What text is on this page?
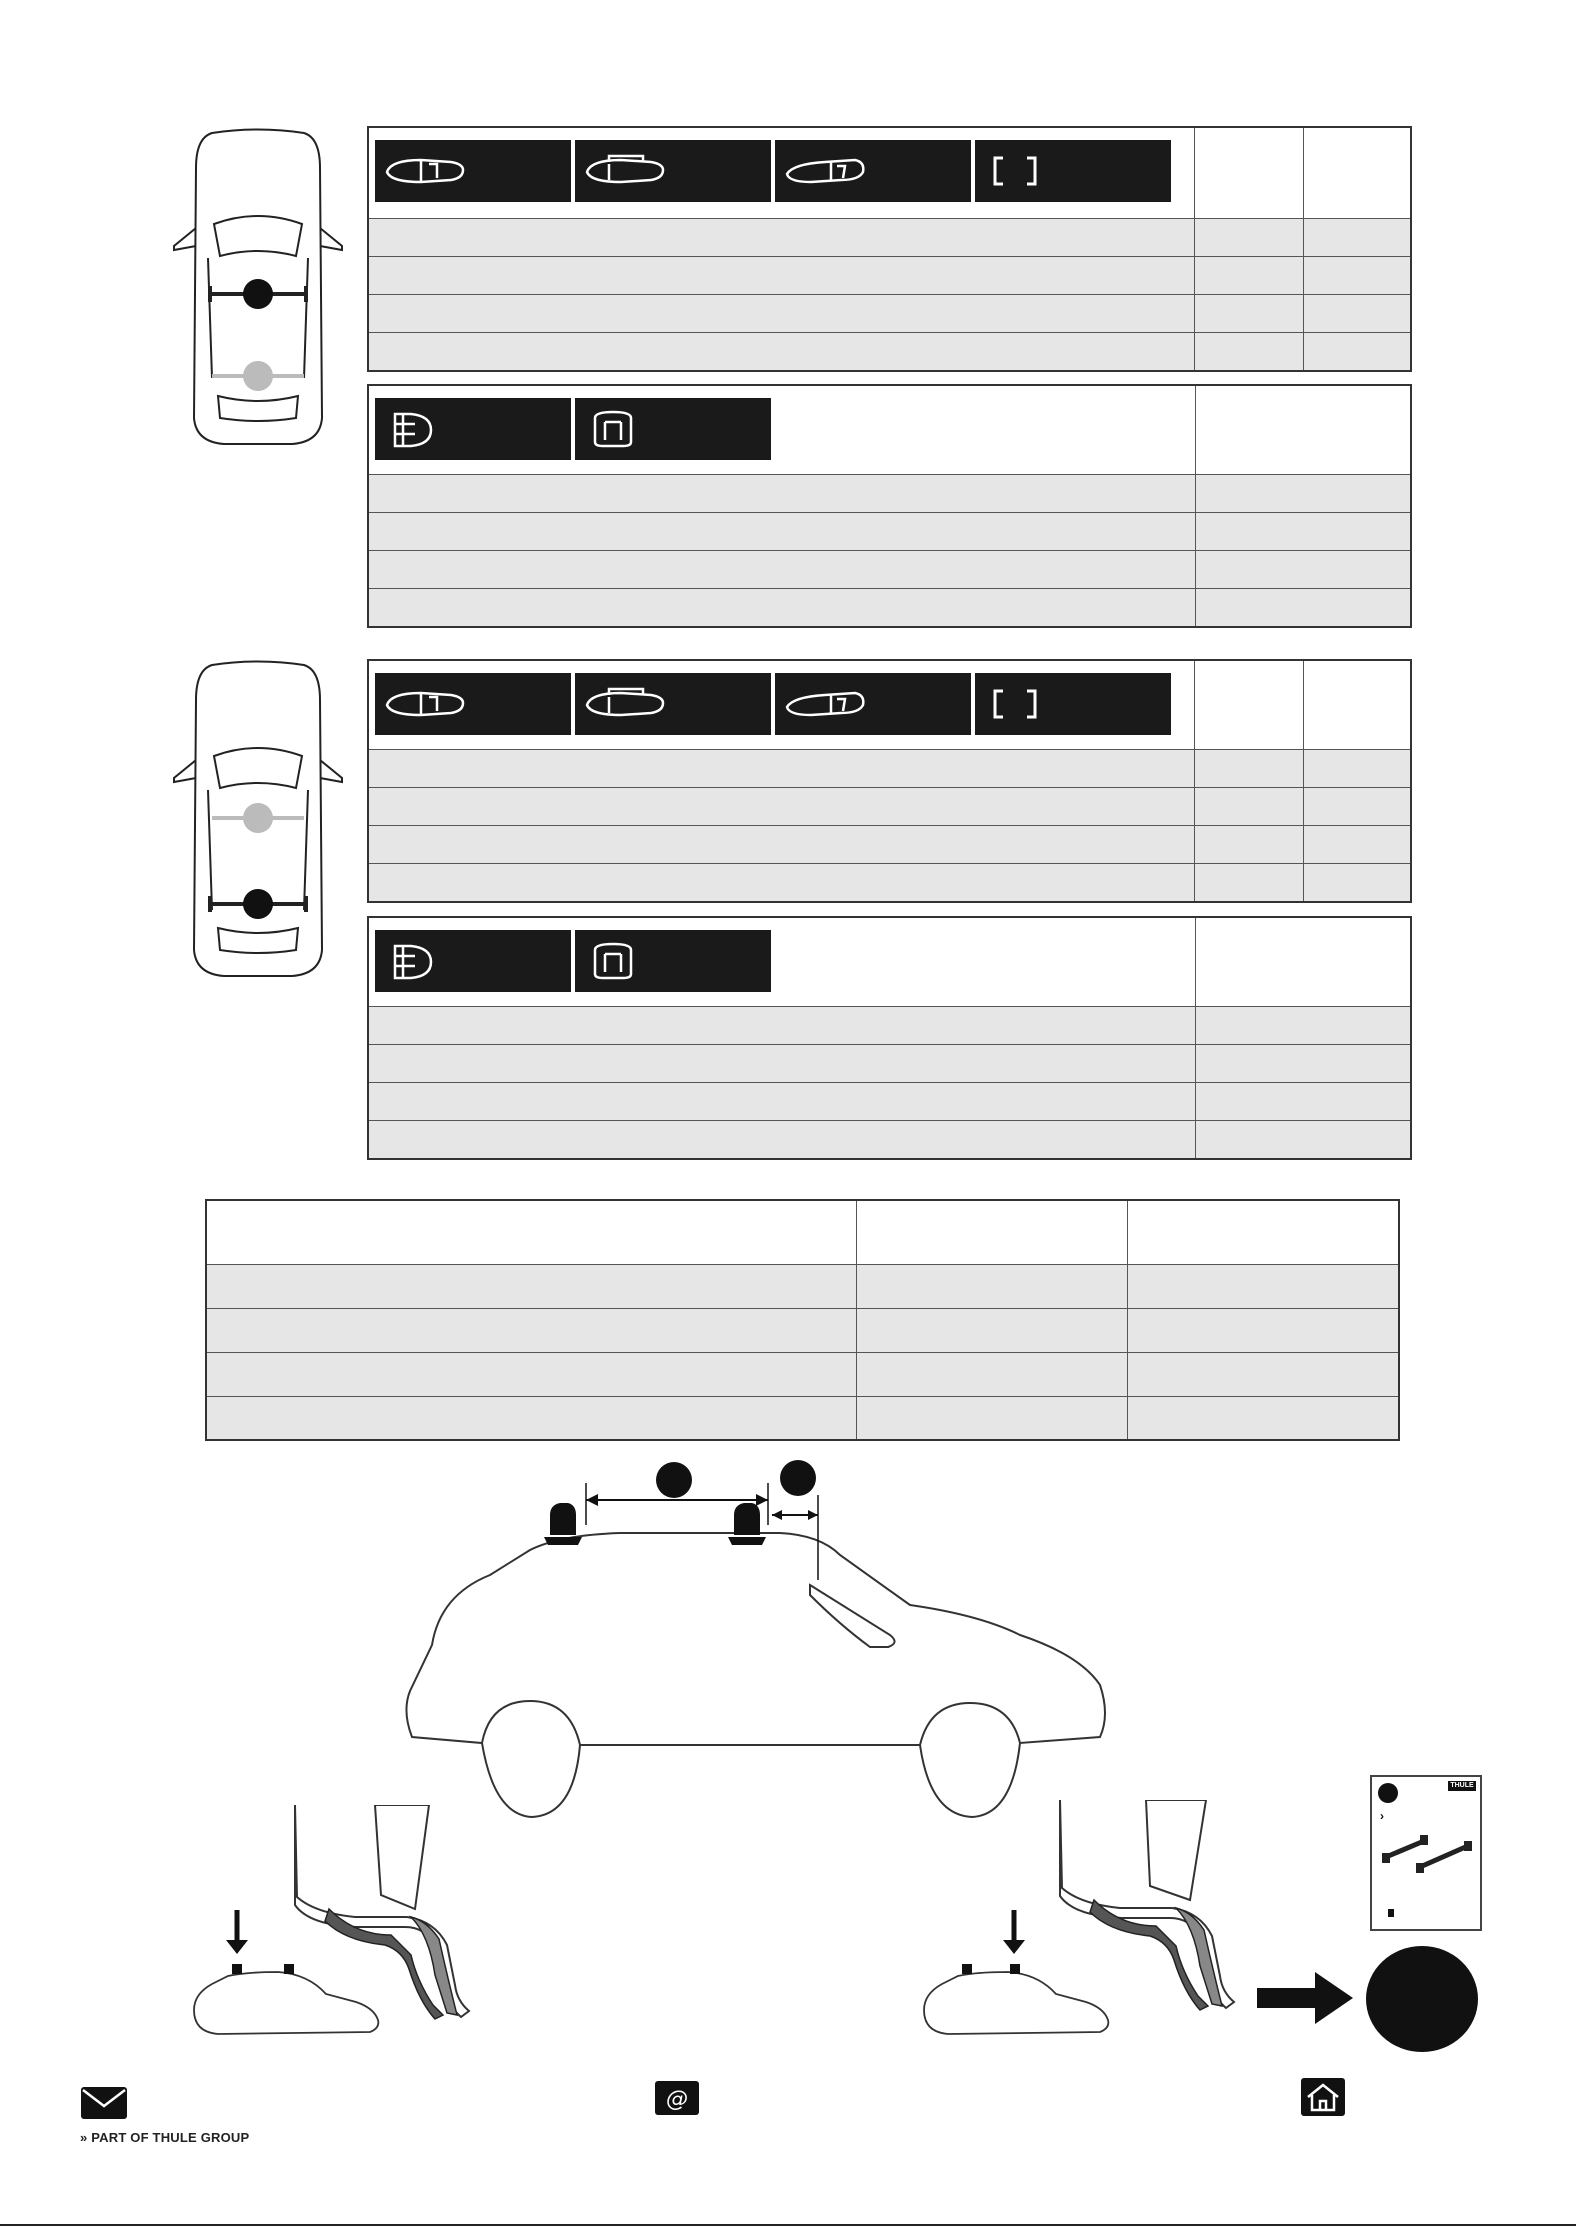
THULE
›
» PART OF THULE GROUP
@
